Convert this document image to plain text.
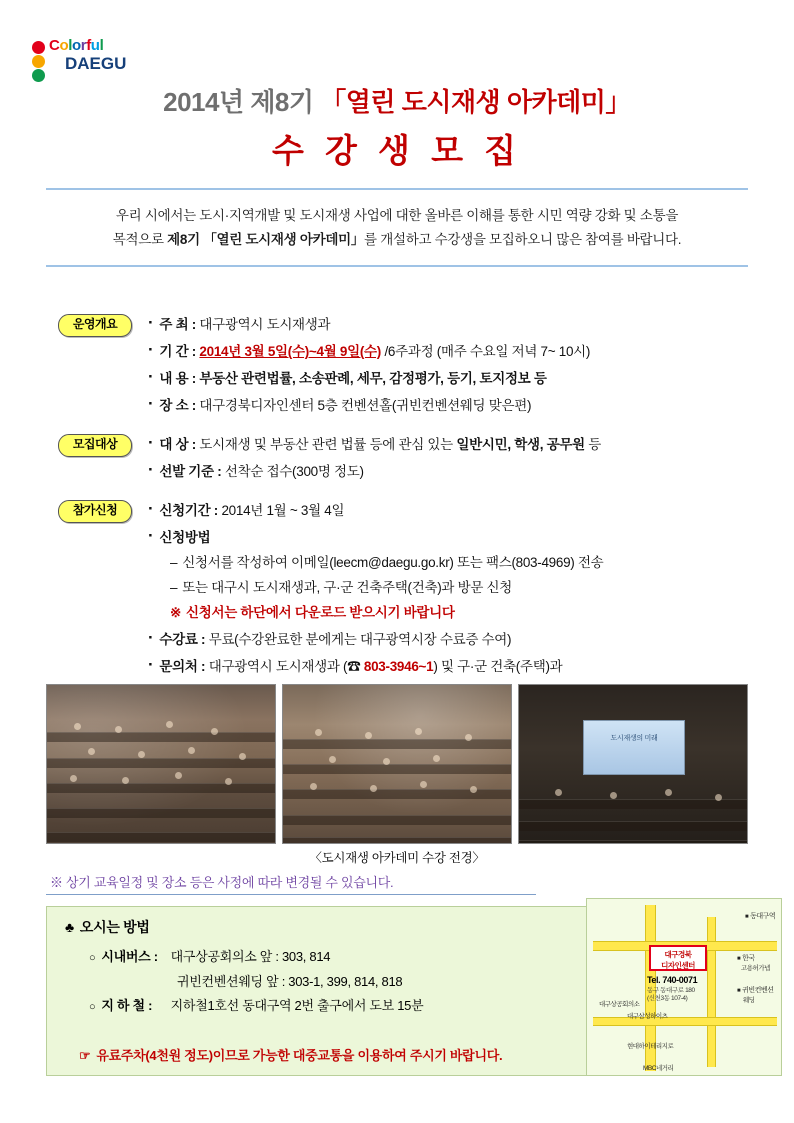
Colorful
DAEGU
2014년 제8기 「열린 도시재생 아카데미」
수 강 생 모 집

우리 시에서는 도시·지역개발 및 도시재생 사업에 대한 올바른 이해를 통한 시민 역량 강화 및 소통을

목적으로 제8기 「열린 도시재생 아카데미」를 개설하고 수강생을 모집하오니 많은 참여를 바랍니다.

운영개요	· 주 최 : 대구광역시 도시재생과
· 기 간 : 2014년 3월 5일(수)~4월 9일(수) /6주과정 (매주 수요일 저녁 7~ 10시)
· 내 용 : 부동산 관련법률, 소송판례, 세무, 감정평가, 등기, 토지정보 등
· 장 소 : 대구경북디자인센터 5층 컨벤션홀(귀빈컨벤션웨딩 맞은편)
모집대상	· 대 상 : 도시재생 및 부동산 관련 법률 등에 관심 있는 일반시민, 학생, 공무원 등
· 선발 기준 : 선착순 접수(300명 정도)
참가신청	· 신청기간 : 2014년 1월 ~ 3월 4일
· 신청방법
– 신청서를 작성하여 이메일(leecm@daegu.go.kr) 또는 팩스(803-4969) 전송
– 또는 대구시 도시재생과, 구·군 건축주택(건축)과 방문 신청
※ 신청서는 하단에서 다운로드 받으시기 바랍니다
· 수강료 : 무료(수강완료한 분에게는 대구광역시장 수료증 수여)
· 문의처 : 대구광역시 도시재생과 (☎ 803-3946~1) 및 구·군 건축(주택)과
도시재생의 미래
〈도시재생 아카데미 수강 전경〉
※ 상기 교육일정 및 장소 등은 사정에 따라 변경될 수 있습니다.
♣ 오시는 방법
○ 시내버스 : 대구상공회의소 앞 : 303, 814
귀빈컨벤션웨딩 앞 : 303-1, 399, 814, 818
○ 지 하 철 : 지하철1호선 동대구역 2번 출구에서 도보 15분
☞ 유료주차(4천원 정도)이므로 가능한 대중교통을 이용하여 주시기 바랍니다.
대구경북
디자인센터
Tel. 740-0071
동구 동대구로 180
(신천3동 107-4)
■ 동대구역
■ 한국
고용허가넵
■ 귀빈컨벤션
웨딩
대구상공회의소
대구삼성하이츠
현대하이테리지로
MBC네거리
